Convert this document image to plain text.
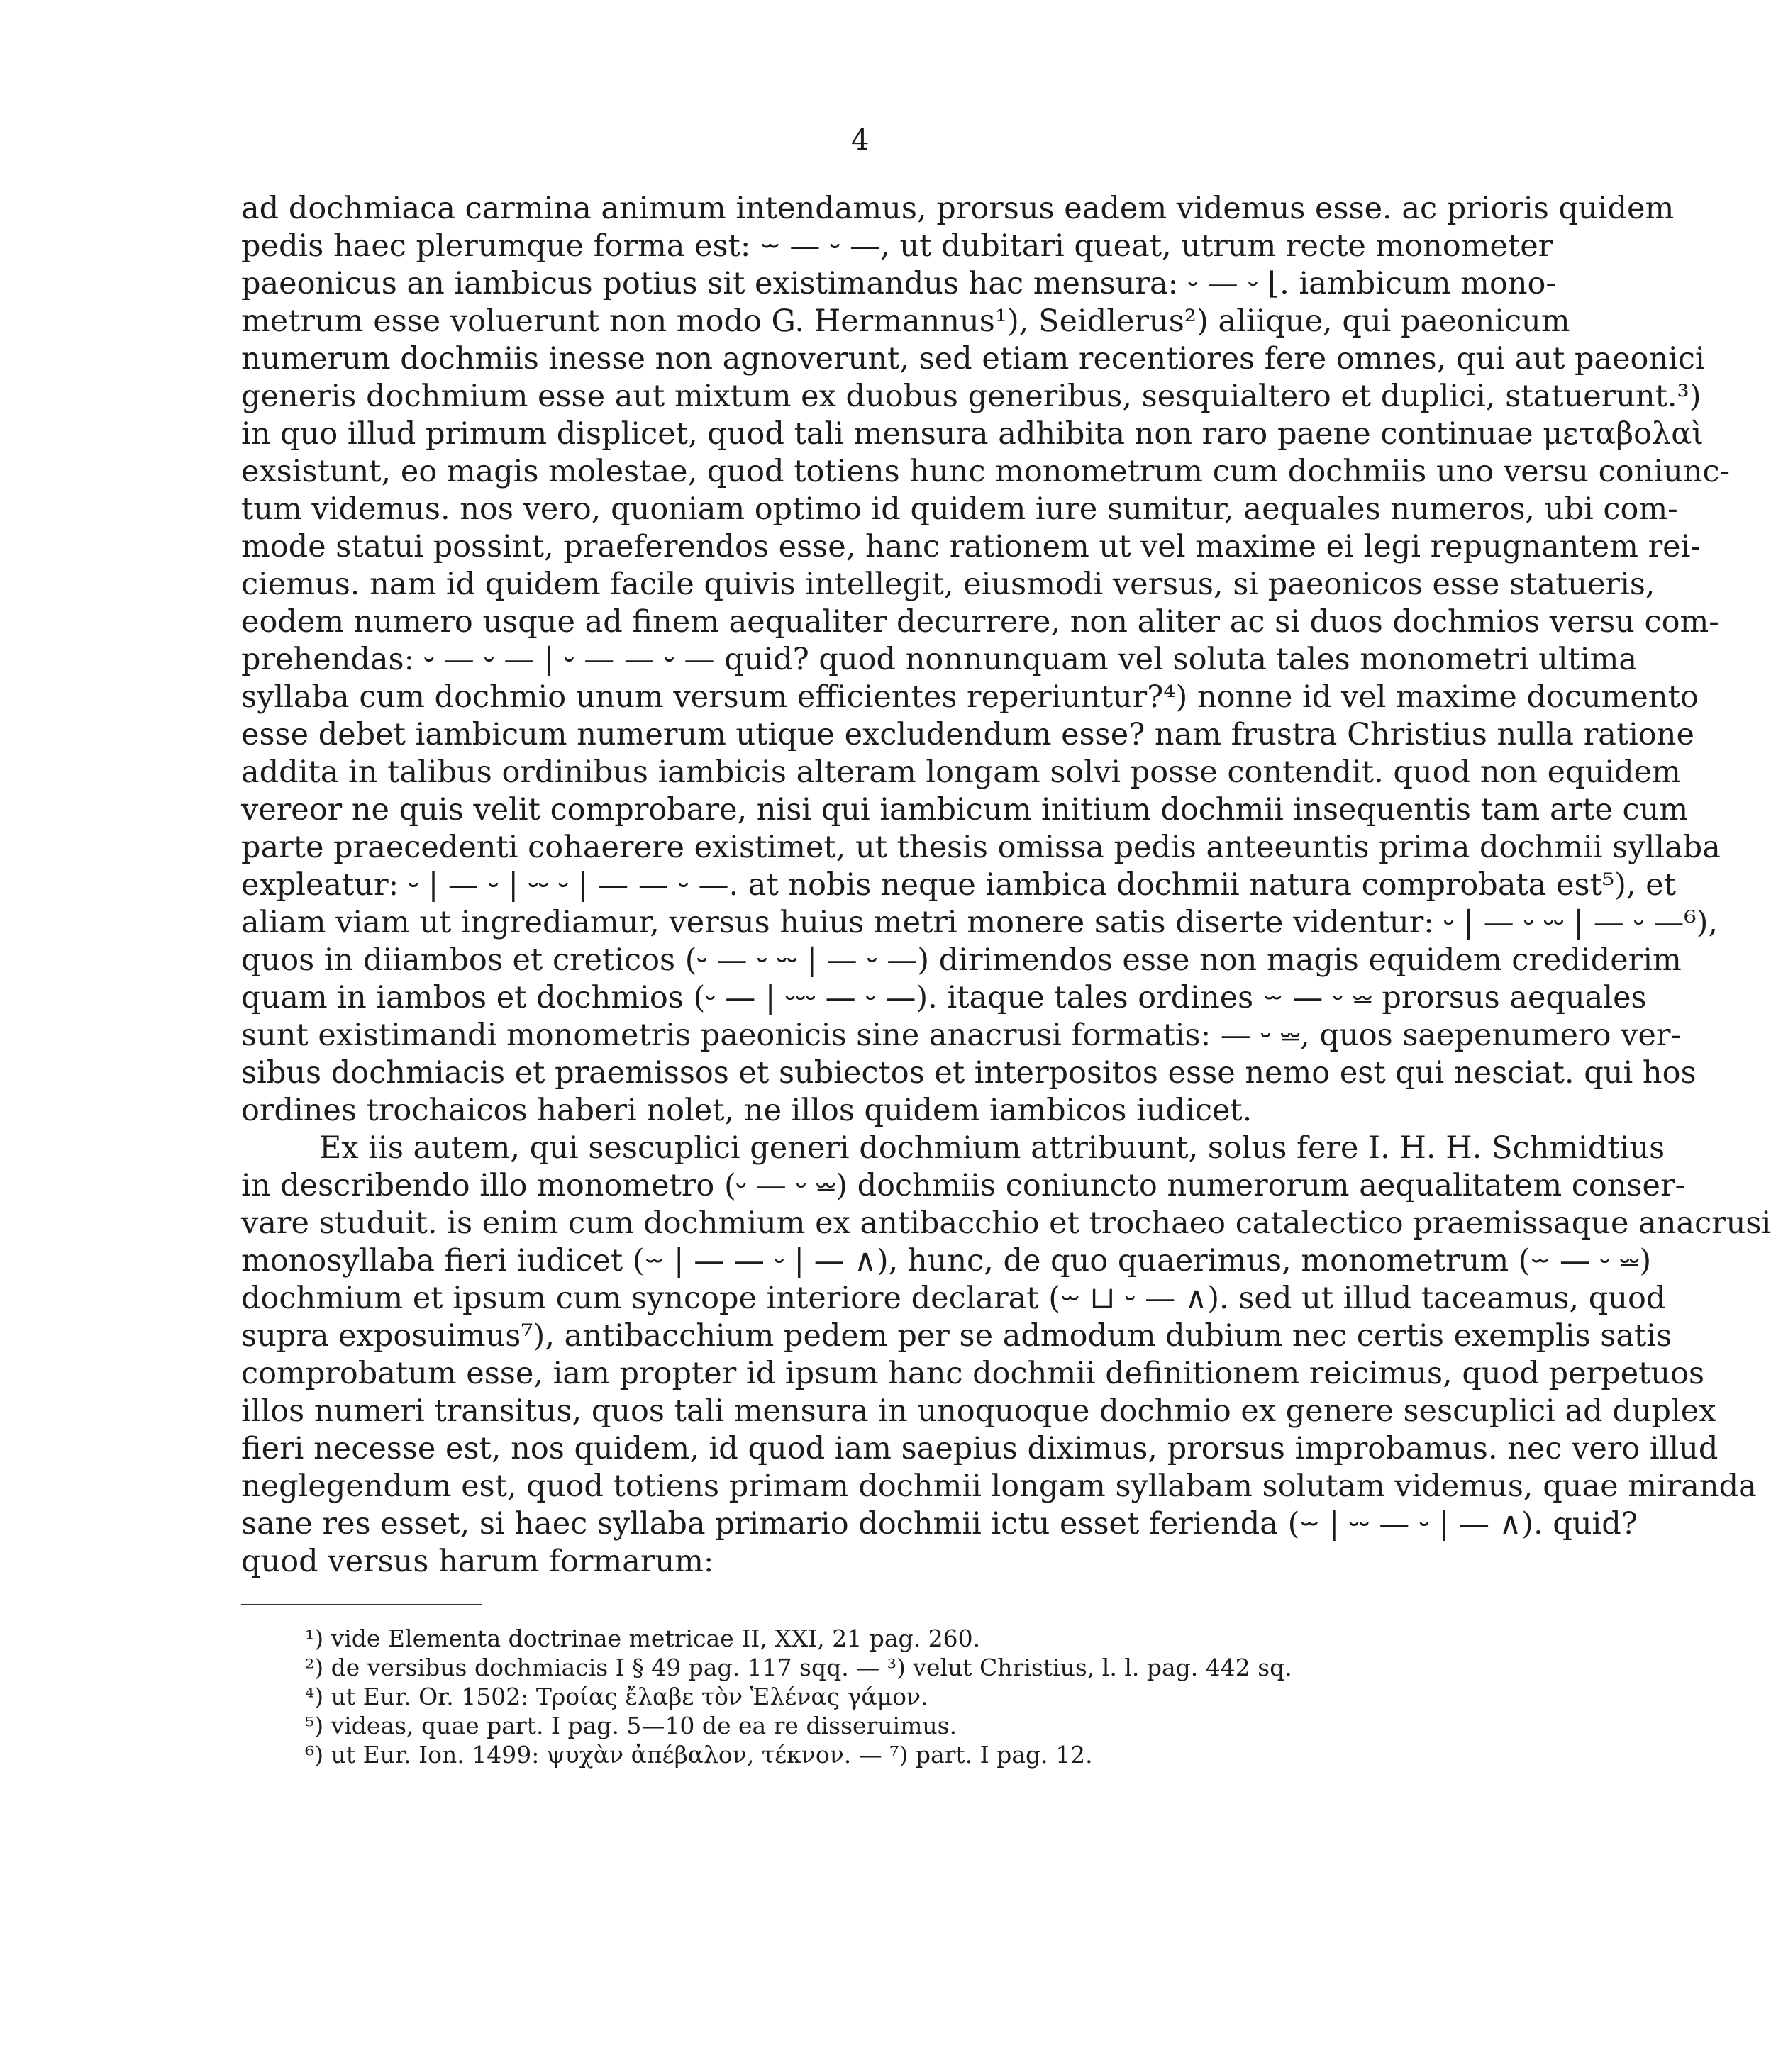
4
ad dochmiaca carmina animum intendamus, prorsus eadem videmus esse. ac prioris quidem
pedis haec plerumque forma est: ⏖ — ⏑ —, ut dubitari queat, utrum recte monometer
paeonicus an iambicus potius sit existimandus hac mensura: ⏑ — ⏑ ⌊. iambicum mono-
metrum esse voluerunt non modo G. Hermannus¹), Seidlerus²) aliique, qui paeonicum
numerum dochmiis inesse non agnoverunt, sed etiam recentiores fere omnes, qui aut paeonici
generis dochmium esse aut mixtum ex duobus generibus, sesquialtero et duplici, statuerunt.³)
in quo illud primum displicet, quod tali mensura adhibita non raro paene continuae μεταβολαὶ
exsistunt, eo magis molestae, quod totiens hunc monometrum cum dochmiis uno versu coniunc-
tum videmus. nos vero, quoniam optimo id quidem iure sumitur, aequales numeros, ubi com-
mode statui possint, praeferendos esse, hanc rationem ut vel maxime ei legi repugnantem rei-
ciemus. nam id quidem facile quivis intellegit, eiusmodi versus, si paeonicos esse statueris,
eodem numero usque ad finem aequaliter decurrere, non aliter ac si duos dochmios versu com-
prehendas: ⏑ — ⏑ — | ⏑ — — ⏑ — quid? quod nonnunquam vel soluta tales monometri ultima
syllaba cum dochmio unum versum efficientes reperiuntur?⁴) nonne id vel maxime documento
esse debet iambicum numerum utique excludendum esse? nam frustra Christius nulla ratione
addita in talibus ordinibus iambicis alteram longam solvi posse contendit. quod non equidem
vereor ne quis velit comprobare, nisi qui iambicum initium dochmii insequentis tam arte cum
parte praecedenti cohaerere existimet, ut thesis omissa pedis anteeuntis prima dochmii syllaba
expleatur: ⏑ | — ⏑ | ⏑⏑ ⏑ | — — ⏑ —. at nobis neque iambica dochmii natura comprobata est⁵), et
aliam viam ut ingrediamur, versus huius metri monere satis diserte videntur: ⏑ | — ⏑ ⏑⏑ | — ⏑ —⁶),
quos in diiambos et creticos (⏑ — ⏑ ⏑⏑ | — ⏑ —) dirimendos esse non magis equidem crediderim
quam in iambos et dochmios (⏑ — | ⏑⏑⏑ — ⏑ —). itaque tales ordines ⏖ — ⏑ ⏕ prorsus aequales
sunt existimandi monometris paeonicis sine anacrusi formatis: — ⏑ ⏕, quos saepenumero ver-
sibus dochmiacis et praemissos et subiectos et interpositos esse nemo est qui nesciat. qui hos
ordines trochaicos haberi nolet, ne illos quidem iambicos iudicet.
Ex iis autem, qui sescuplici generi dochmium attribuunt, solus fere I. H. H. Schmidtius
in describendo illo monometro (⏑ — ⏑ ⏕) dochmiis coniuncto numerorum aequalitatem conser-
vare studuit. is enim cum dochmium ex antibacchio et trochaeo catalectico praemissaque anacrusi
monosyllaba fieri iudicet (⏖ | — — ⏑ | — ∧), hunc, de quo quaerimus, monometrum (⏖ — ⏑ ⏕)
dochmium et ipsum cum syncope interiore declarat (⏖ ⊔ ⏑ — ∧). sed ut illud taceamus, quod
supra exposuimus⁷), antibacchium pedem per se admodum dubium nec certis exemplis satis
comprobatum esse, iam propter id ipsum hanc dochmii definitionem reicimus, quod perpetuos
illos numeri transitus, quos tali mensura in unoquoque dochmio ex genere sescuplici ad duplex
fieri necesse est, nos quidem, id quod iam saepius diximus, prorsus improbamus. nec vero illud
neglegendum est, quod totiens primam dochmii longam syllabam solutam videmus, quae miranda
sane res esset, si haec syllaba primario dochmii ictu esset ferienda (⏖ | ⏑⏑ — ⏑ | — ∧). quid?
quod versus harum formarum:
¹) vide Elementa doctrinae metricae II, XXI, 21 pag. 260.
²) de versibus dochmiacis I § 49 pag. 117 sqq. — ³) velut Christius, l. l. pag. 442 sq.
⁴) ut Eur. Or. 1502: Τροίας ἔλαβε τὸν Ἑλένας γάμον.
⁵) videas, quae part. I pag. 5—10 de ea re disseruimus.
⁶) ut Eur. Ion. 1499: ψυχὰν ἀπέβαλον, τέκνον. — ⁷) part. I pag. 12.
